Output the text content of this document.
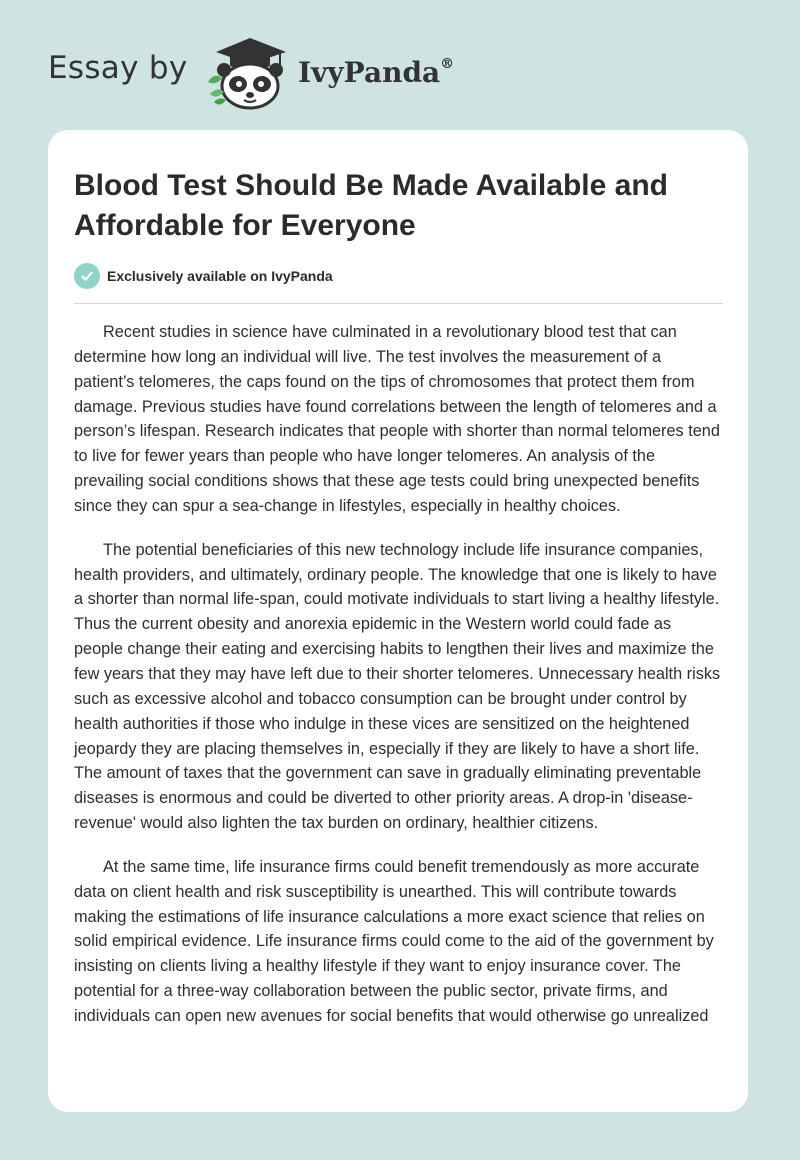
Essay by	IvyPanda®
Blood Test Should Be Made Available and Affordable for Everyone
Exclusively available on IvyPanda

Recent studies in science have culminated in a revolutionary blood test that can determine how long an individual will live. The test involves the measurement of a patient’s telomeres, the caps found on the tips of chromosomes that protect them from damage. Previous studies have found correlations between the length of telomeres and a person’s lifespan. Research indicates that people with shorter than normal telomeres tend to live for fewer years than people who have longer telomeres. An analysis of the prevailing social conditions shows that these age tests could bring unexpected benefits since they can spur a sea-change in lifestyles, especially in healthy choices.

The potential beneficiaries of this new technology include life insurance companies, health providers, and ultimately, ordinary people. The knowledge that one is likely to have a shorter than normal life-span, could motivate individuals to start living a healthy lifestyle. Thus the current obesity and anorexia epidemic in the Western world could fade as people change their eating and exercising habits to lengthen their lives and maximize the few years that they may have left due to their shorter telomeres. Unnecessary health risks such as excessive alcohol and tobacco consumption can be brought under control by health authorities if those who indulge in these vices are sensitized on the heightened jeopardy they are placing themselves in, especially if they are likely to have a short life. The amount of taxes that the government can save in gradually eliminating preventable diseases is enormous and could be diverted to other priority areas. A drop-in 'disease-revenue' would also lighten the tax burden on ordinary, healthier citizens.

At the same time, life insurance firms could benefit tremendously as more accurate data on client health and risk susceptibility is unearthed. This will contribute towards making the estimations of life insurance calculations a more exact science that relies on solid empirical evidence. Life insurance firms could come to the aid of the government by insisting on clients living a healthy lifestyle if they want to enjoy insurance cover. The potential for a three-way collaboration between the public sector, private firms, and individuals can open new avenues for social benefits that would otherwise go unrealized
